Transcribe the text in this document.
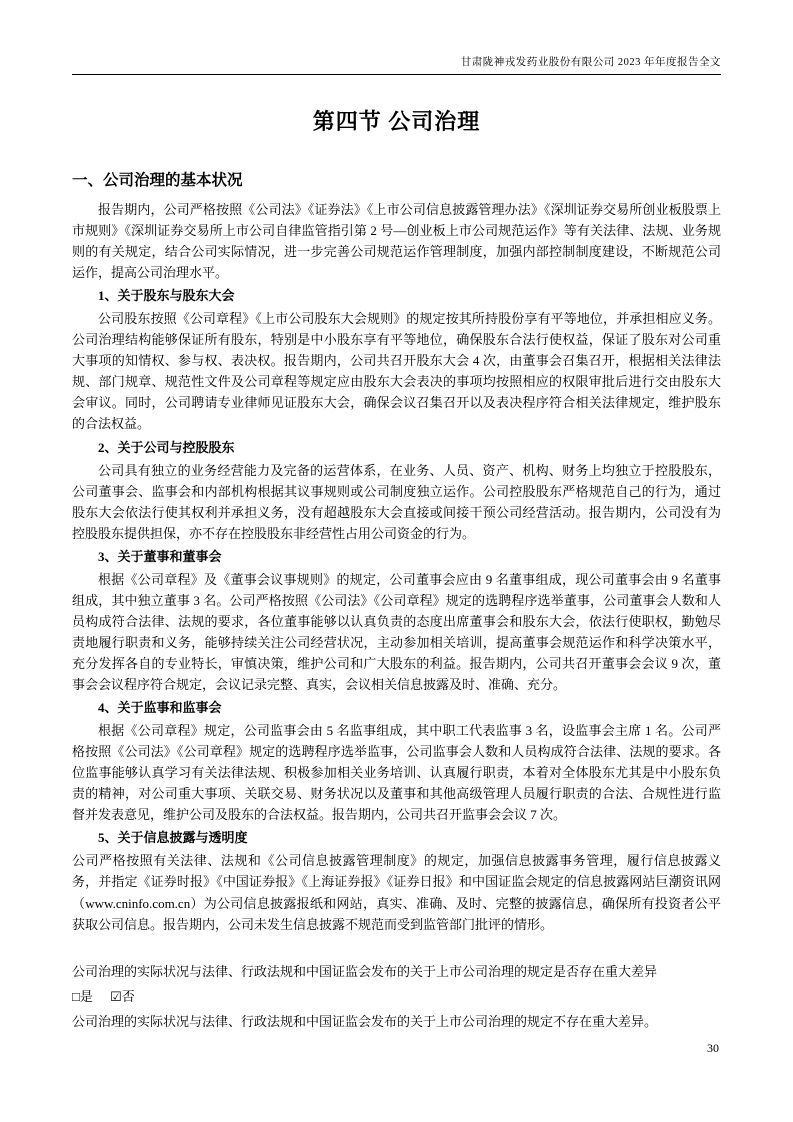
甘肃陇神戎发药业股份有限公司 2023 年年度报告全文
第四节 公司治理
一、公司治理的基本状况

报告期内，公司严格按照《公司法》《证券法》《上市公司信息披露管理办法》《深圳证券交易所创业板股票上市规则》《深圳证券交易所上市公司自律监管指引第 2 号—创业板上市公司规范运作》等有关法律、法规、业务规则的有关规定，结合公司实际情况，进一步完善公司规范运作管理制度，加强内部控制制度建设，不断规范公司运作，提高公司治理水平。

1、关于股东与股东大会

公司股东按照《公司章程》《上市公司股东大会规则》的规定按其所持股份享有平等地位，并承担相应义务。公司治理结构能够保证所有股东，特别是中小股东享有平等地位，确保股东合法行使权益，保证了股东对公司重大事项的知情权、参与权、表决权。报告期内，公司共召开股东大会 4 次，由董事会召集召开，根据相关法律法规、部门规章、规范性文件及公司章程等规定应由股东大会表决的事项均按照相应的权限审批后进行交由股东大会审议。同时，公司聘请专业律师见证股东大会，确保会议召集召开以及表决程序符合相关法律规定，维护股东的合法权益。

2、关于公司与控股股东

公司具有独立的业务经营能力及完备的运营体系，在业务、人员、资产、机构、财务上均独立于控股股东，公司董事会、监事会和内部机构根据其议事规则或公司制度独立运作。公司控股股东严格规范自己的行为，通过股东大会依法行使其权利并承担义务，没有超越股东大会直接或间接干预公司经营活动。报告期内，公司没有为控股股东提供担保，亦不存在控股股东非经营性占用公司资金的行为。

3、关于董事和董事会

根据《公司章程》及《董事会议事规则》的规定，公司董事会应由 9 名董事组成，现公司董事会由 9 名董事组成，其中独立董事 3 名。公司严格按照《公司法》《公司章程》规定的选聘程序选举董事，公司董事会人数和人员构成符合法律、法规的要求，各位董事能够以认真负责的态度出席董事会和股东大会，依法行使职权，勤勉尽责地履行职责和义务，能够持续关注公司经营状况，主动参加相关培训，提高董事会规范运作和科学决策水平，充分发挥各自的专业特长，审慎决策，维护公司和广大股东的利益。报告期内，公司共召开董事会会议 9 次，董事会会议程序符合规定，会议记录完整、真实，会议相关信息披露及时、准确、充分。

4、关于监事和监事会

根据《公司章程》规定，公司监事会由 5 名监事组成，其中职工代表监事 3 名，设监事会主席 1 名。公司严格按照《公司法》《公司章程》规定的选聘程序选举监事，公司监事会人数和人员构成符合法律、法规的要求。各位监事能够认真学习有关法律法规、积极参加相关业务培训、认真履行职责，本着对全体股东尤其是中小股东负责的精神，对公司重大事项、关联交易、财务状况以及董事和其他高级管理人员履行职责的合法、合规性进行监督并发表意见，维护公司及股东的合法权益。报告期内，公司共召开监事会会议 7 次。

5、关于信息披露与透明度

公司严格按照有关法律、法规和《公司信息披露管理制度》的规定，加强信息披露事务管理，履行信息披露义务，并指定《证券时报》《中国证券报》《上海证券报》《证券日报》和中国证监会规定的信息披露网站巨潮资讯网（www.cninfo.com.cn）为公司信息披露报纸和网站，真实、准确、及时、完整的披露信息，确保所有投资者公平获取公司信息。报告期内，公司未发生信息披露不规范而受到监管部门批评的情形。

公司治理的实际状况与法律、行政法规和中国证监会发布的关于上市公司治理的规定是否存在重大差异

□是 ☑否

公司治理的实际状况与法律、行政法规和中国证监会发布的关于上市公司治理的规定不存在重大差异。

30
